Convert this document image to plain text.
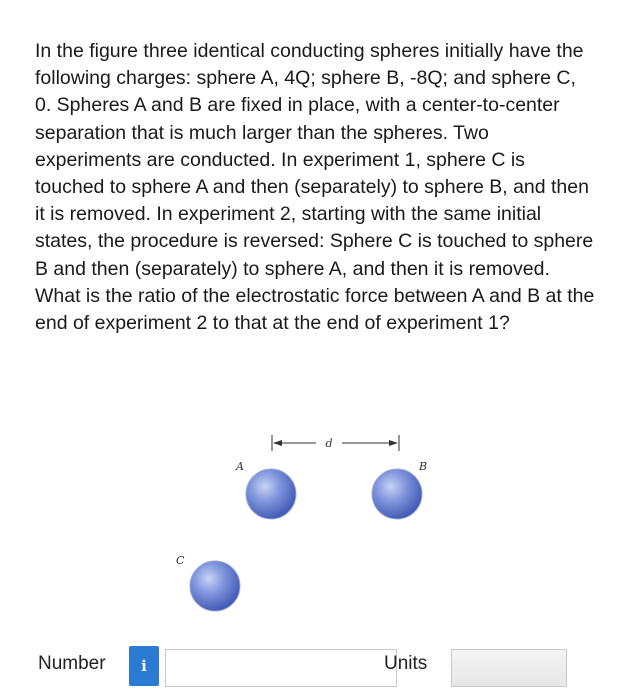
In the figure three identical conducting spheres initially have the following charges: sphere A, 4Q; sphere B, -8Q; and sphere C, 0. Spheres A and B are fixed in place, with a center-to-center separation that is much larger than the spheres. Two experiments are conducted. In experiment 1, sphere C is touched to sphere A and then (separately) to sphere B, and then it is removed. In experiment 2, starting with the same initial states, the procedure is reversed: Sphere C is touched to sphere B and then (separately) to sphere A, and then it is removed. What is the ratio of the electrostatic force between A and B at the end of experiment 2 to that at the end of experiment 1?

d
A	B
C
Number	i	Units
